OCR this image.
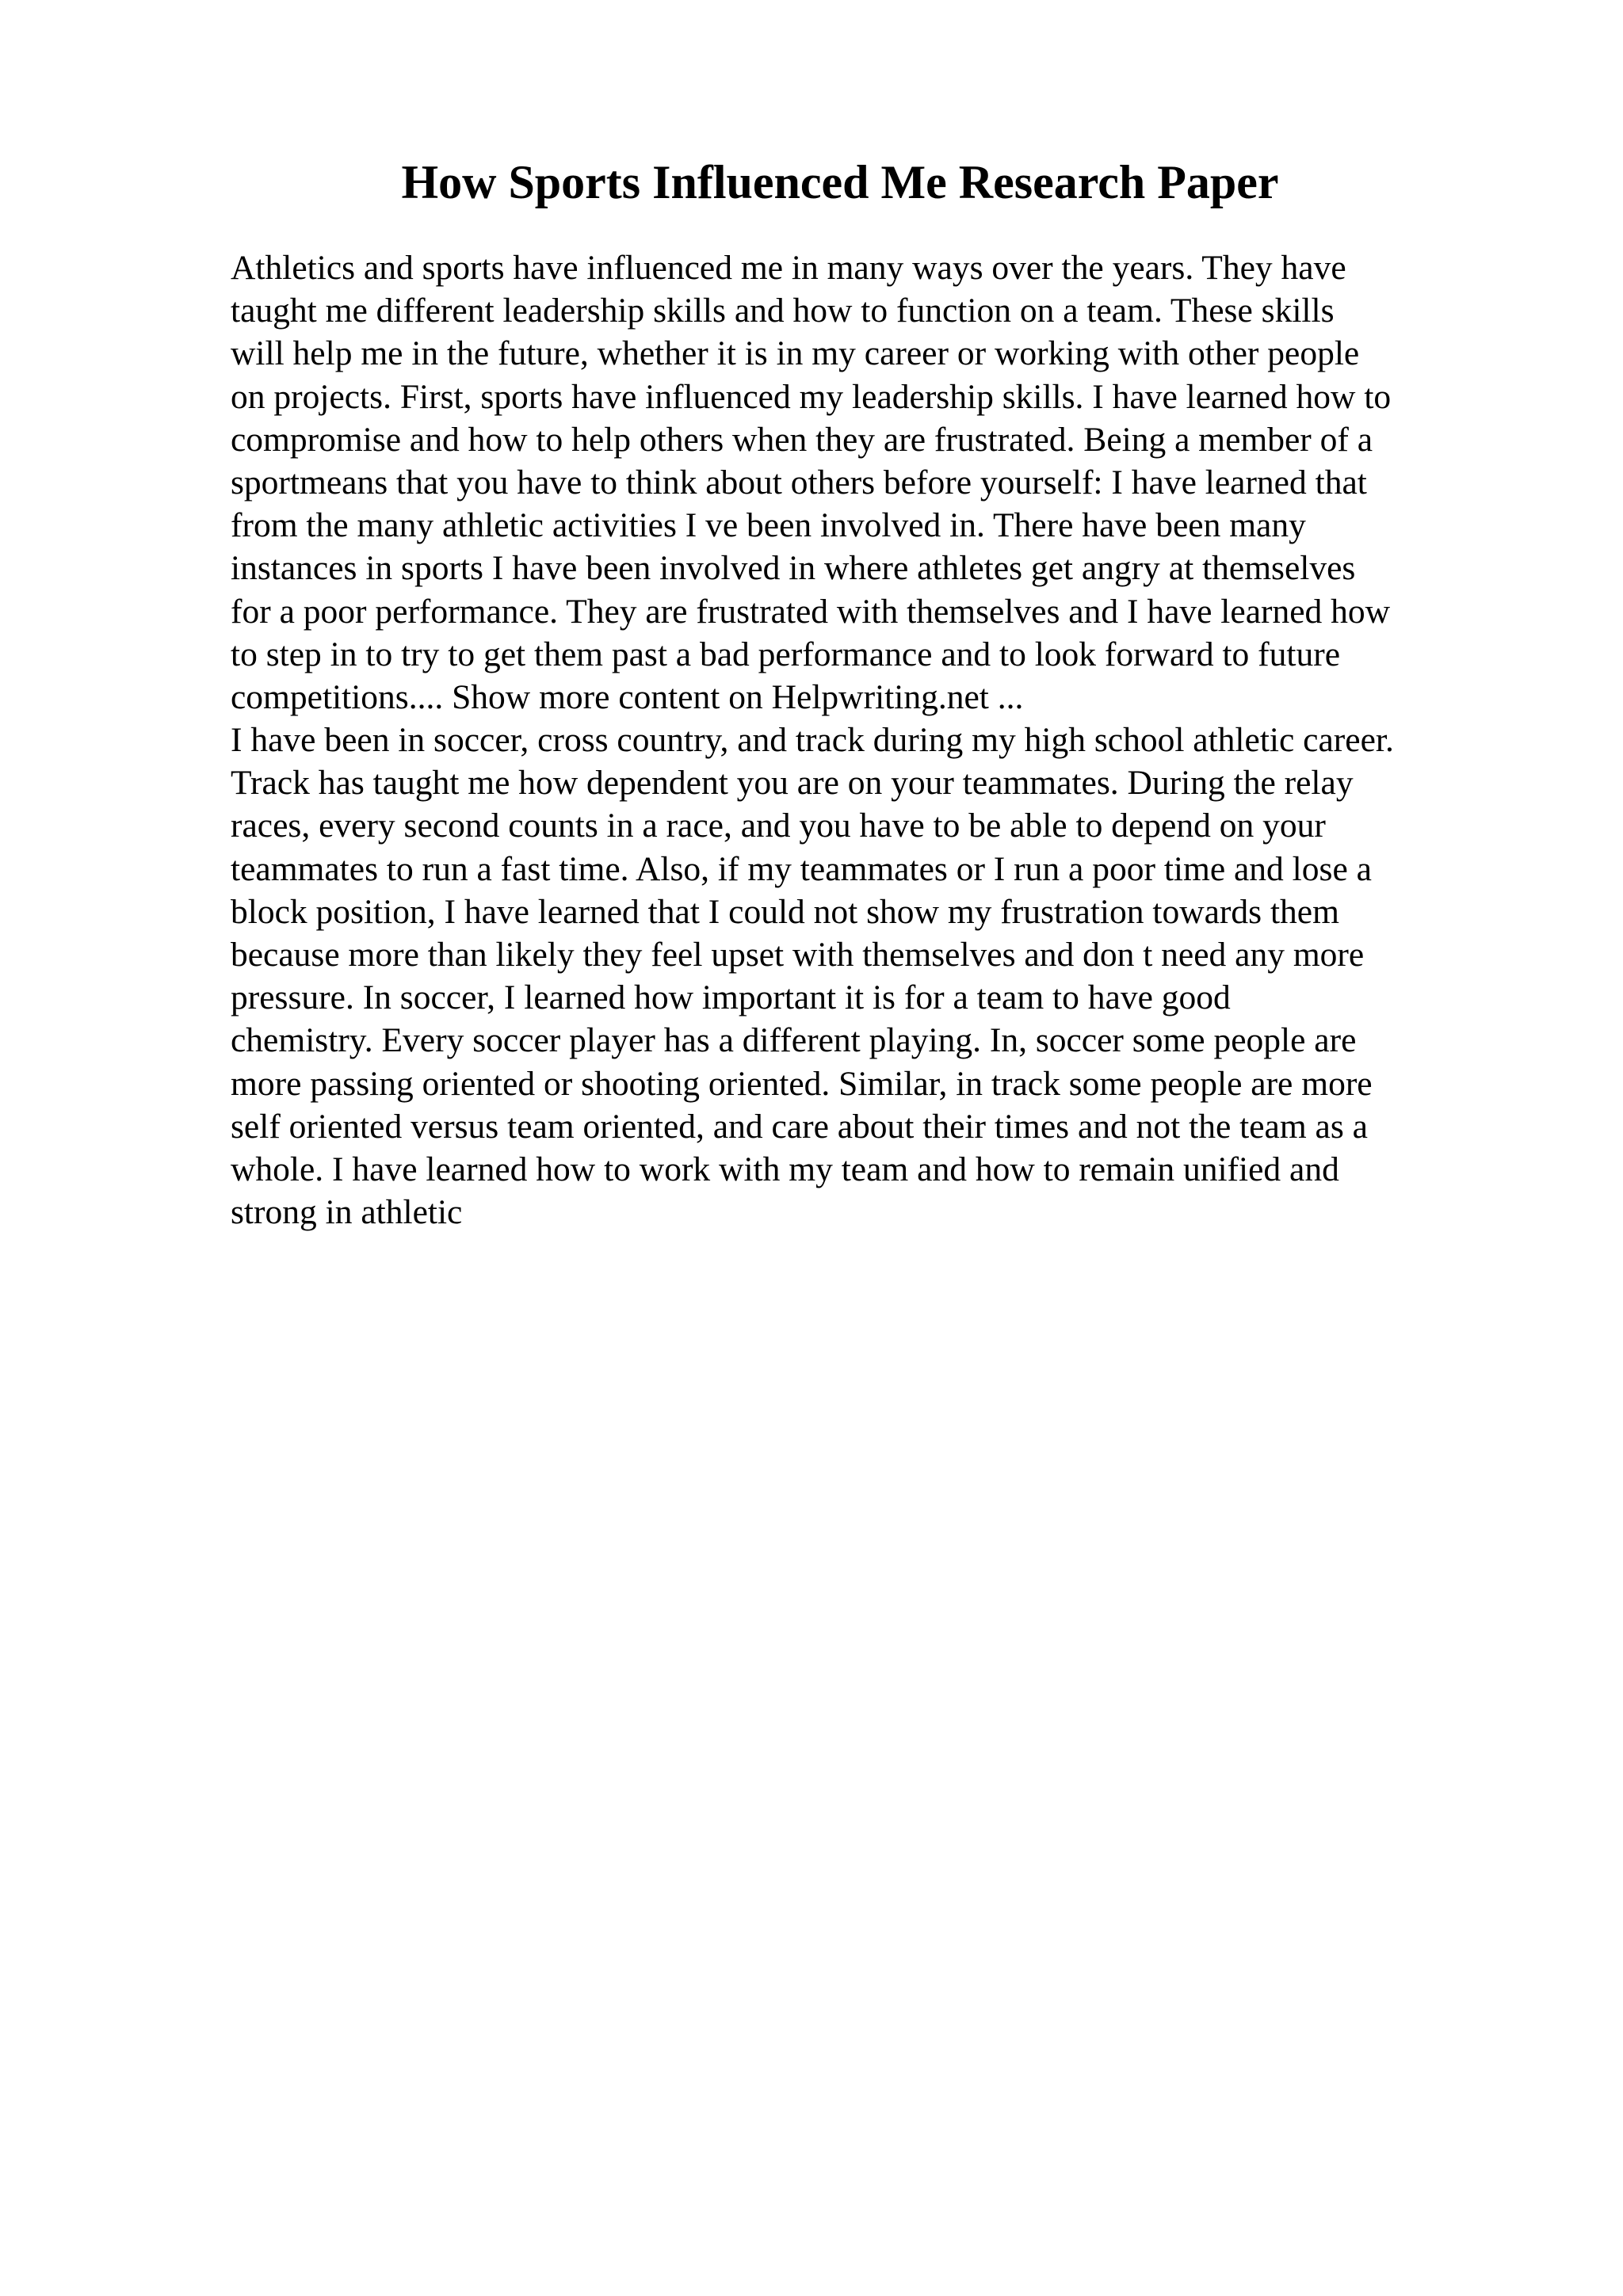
How Sports Influenced Me Research Paper
Athletics and sports have influenced me in many ways over the years. They have
taught me different leadership skills and how to function on a team. These skills
will help me in the future, whether it is in my career or working with other people
on projects. First, sports have influenced my leadership skills. I have learned how to
compromise and how to help others when they are frustrated. Being a member of a
sportmeans that you have to think about others before yourself: I have learned that
from the many athletic activities I ve been involved in. There have been many
instances in sports I have been involved in where athletes get angry at themselves
for a poor performance. They are frustrated with themselves and I have learned how
to step in to try to get them past a bad performance and to look forward to future
competitions.... Show more content on Helpwriting.net ...
I have been in soccer, cross country, and track during my high school athletic career.
Track has taught me how dependent you are on your teammates. During the relay
races, every second counts in a race, and you have to be able to depend on your
teammates to run a fast time. Also, if my teammates or I run a poor time and lose a
block position, I have learned that I could not show my frustration towards them
because more than likely they feel upset with themselves and don t need any more
pressure. In soccer, I learned how important it is for a team to have good
chemistry. Every soccer player has a different playing. In, soccer some people are
more passing oriented or shooting oriented. Similar, in track some people are more
self oriented versus team oriented, and care about their times and not the team as a
whole. I have learned how to work with my team and how to remain unified and
strong in athletic
